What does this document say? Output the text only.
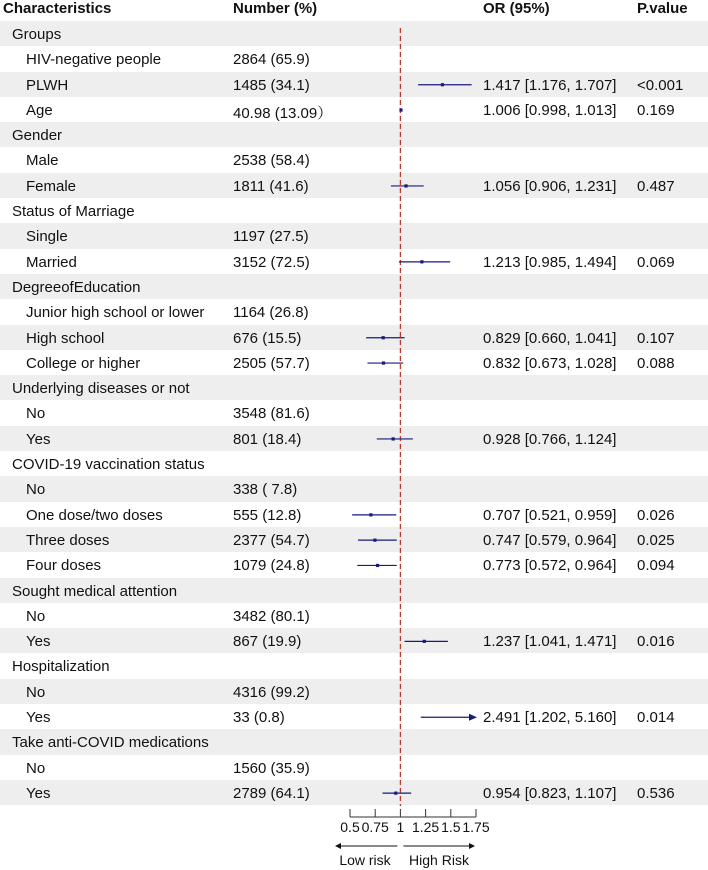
Characteristics	Number (%)	OR (95%)	P.value
Groups
HIV-negative people	2864 (65.9)
PLWH	1485 (34.1)	1.417 [1.176, 1.707] <0.001
Age	40.98 (13.09）	1.006 [0.998, 1.013] 0.169
Gender
Male	2538 (58.4)
Female	1811 (41.6)	1.056 [0.906, 1.231] 0.487
Status of Marriage
Single	1197 (27.5)
Married	3152 (72.5)	1.213 [0.985, 1.494] 0.069
DegreeofEducation
Junior high school or lower 1164 (26.8)
High school	676 (15.5)	0.829 [0.660, 1.041] 0.107
College or higher	2505 (57.7)	0.832 [0.673, 1.028] 0.088
Underlying diseases or not
No	3548 (81.6)
Yes	801 (18.4)	0.928 [0.766, 1.124]
COVID-19 vaccination status
No	338 ( 7.8)
One dose/two doses	555 (12.8)	0.707 [0.521, 0.959] 0.026
Three doses	2377 (54.7)	0.747 [0.579, 0.964] 0.025
Four doses	1079 (24.8)	0.773 [0.572, 0.964] 0.094
Sought medical attention
No	3482 (80.1)
Yes	867 (19.9)	1.237 [1.041, 1.471] 0.016
Hospitalization
No	4316 (99.2)
Yes	33 (0.8)	2.491 [1.202, 5.160] 0.014
Take anti-COVID medications
No	1560 (35.9)
Yes	2789 (64.1)	0.954 [0.823, 1.107] 0.536
0.5 0.75 1 1.25 1.5 1.75
Low risk High Risk
